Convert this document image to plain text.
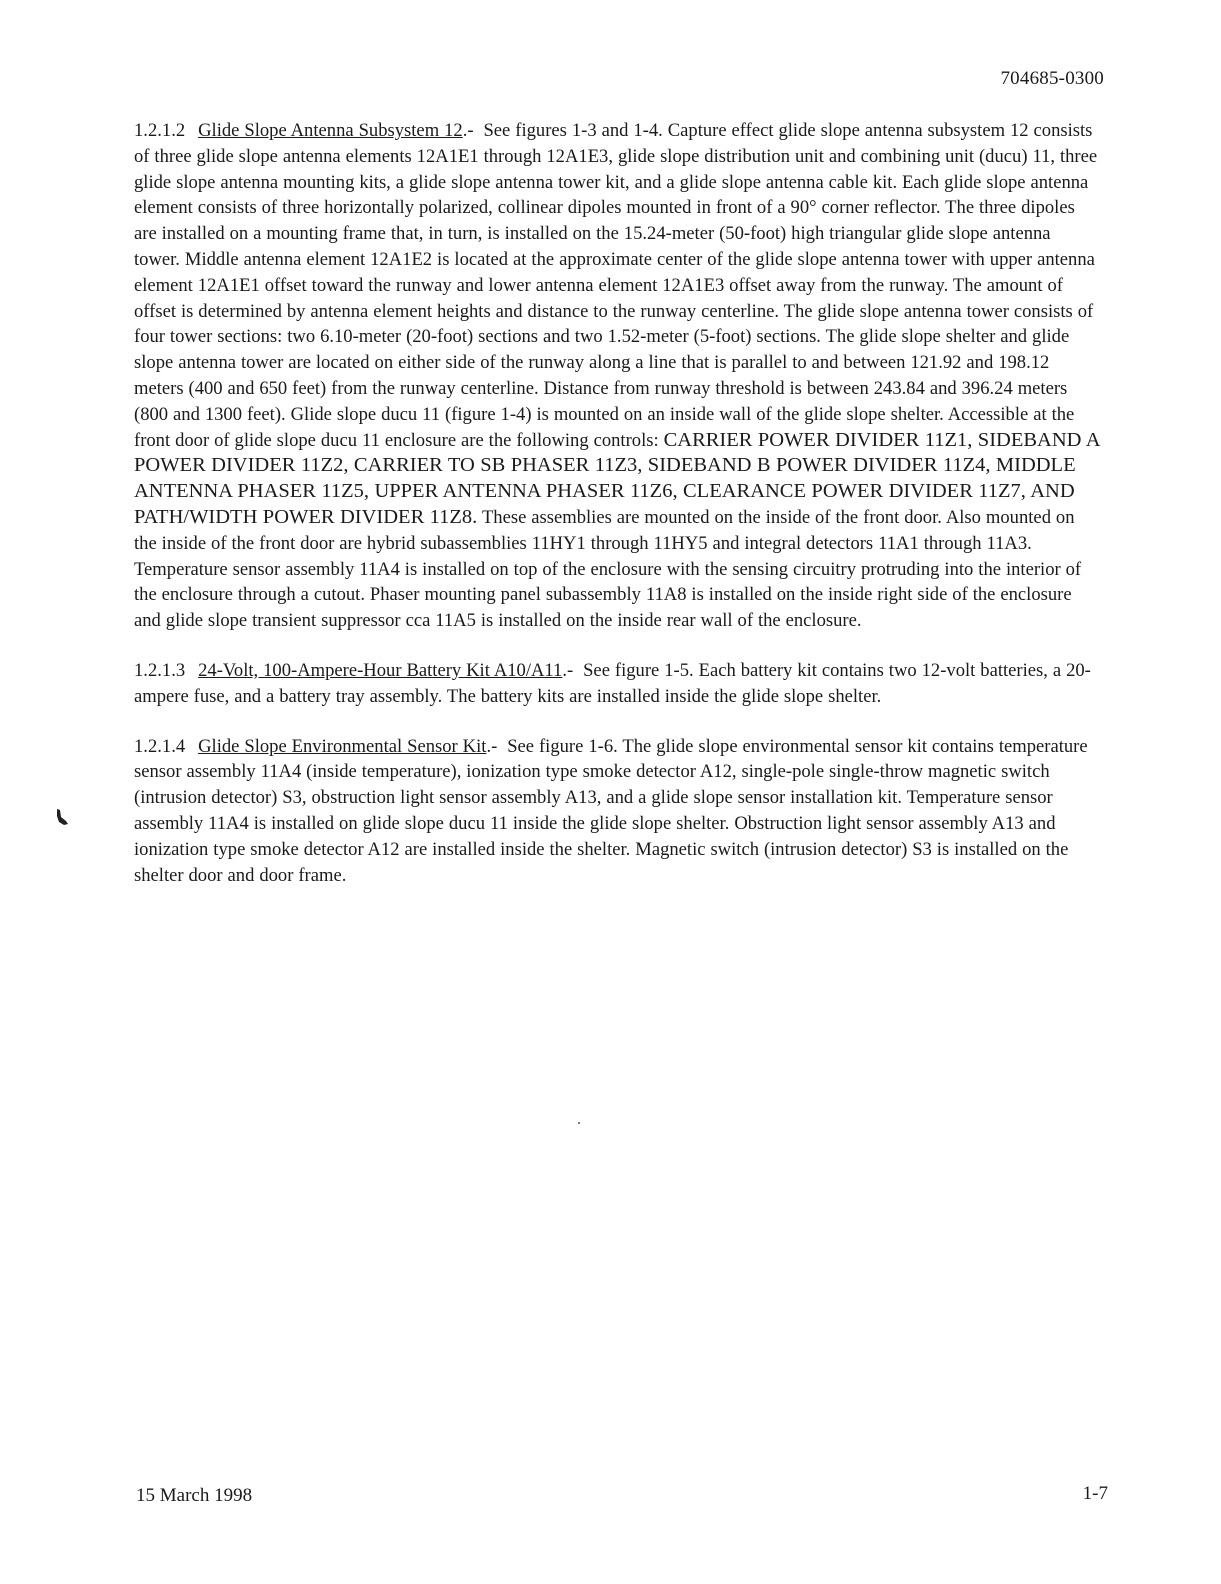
704685-0300

1.2.1.2 Glide Slope Antenna Subsystem 12.- See figures 1-3 and 1-4. Capture effect glide slope antenna subsystem 12 consists of three glide slope antenna elements 12A1E1 through 12A1E3, glide slope distribution unit and combining unit (ducu) 11, three glide slope antenna mounting kits, a glide slope antenna tower kit, and a glide slope antenna cable kit. Each glide slope antenna element consists of three horizontally polarized, collinear dipoles mounted in front of a 90° corner reflector. The three dipoles are installed on a mounting frame that, in turn, is installed on the 15.24-meter (50-foot) high triangular glide slope antenna tower. Middle antenna element 12A1E2 is located at the approximate center of the glide slope antenna tower with upper antenna element 12A1E1 offset toward the runway and lower antenna element 12A1E3 offset away from the runway. The amount of offset is determined by antenna element heights and distance to the runway centerline. The glide slope antenna tower consists of four tower sections: two 6.10-meter (20-foot) sections and two 1.52-meter (5-foot) sections. The glide slope shelter and glide slope antenna tower are located on either side of the runway along a line that is parallel to and between 121.92 and 198.12 meters (400 and 650 feet) from the runway centerline. Distance from runway threshold is between 243.84 and 396.24 meters (800 and 1300 feet). Glide slope ducu 11 (figure 1-4) is mounted on an inside wall of the glide slope shelter. Accessible at the front door of glide slope ducu 11 enclosure are the following controls: CARRIER POWER DIVIDER 11Z1, SIDEBAND A POWER DIVIDER 11Z2, CARRIER TO SB PHASER 11Z3, SIDEBAND B POWER DIVIDER 11Z4, MIDDLE ANTENNA PHASER 11Z5, UPPER ANTENNA PHASER 11Z6, CLEARANCE POWER DIVIDER 11Z7, AND PATH/WIDTH POWER DIVIDER 11Z8. These assemblies are mounted on the inside of the front door. Also mounted on the inside of the front door are hybrid subassemblies 11HY1 through 11HY5 and integral detectors 11A1 through 11A3. Temperature sensor assembly 11A4 is installed on top of the enclosure with the sensing circuitry protruding into the interior of the enclosure through a cutout. Phaser mounting panel subassembly 11A8 is installed on the inside right side of the enclosure and glide slope transient suppressor cca 11A5 is installed on the inside rear wall of the enclosure.

1.2.1.3 24-Volt, 100-Ampere-Hour Battery Kit A10/A11.- See figure 1-5. Each battery kit contains two 12-volt batteries, a 20-ampere fuse, and a battery tray assembly. The battery kits are installed inside the glide slope shelter.

1.2.1.4 Glide Slope Environmental Sensor Kit.- See figure 1-6. The glide slope environmental sensor kit contains temperature sensor assembly 11A4 (inside temperature), ionization type smoke detector A12, single-pole single-throw magnetic switch (intrusion detector) S3, obstruction light sensor assembly A13, and a glide slope sensor installation kit. Temperature sensor assembly 11A4 is installed on glide slope ducu 11 inside the glide slope shelter. Obstruction light sensor assembly A13 and ionization type smoke detector A12 are installed inside the shelter. Magnetic switch (intrusion detector) S3 is installed on the shelter door and door frame.

15 March 1998	1-7
